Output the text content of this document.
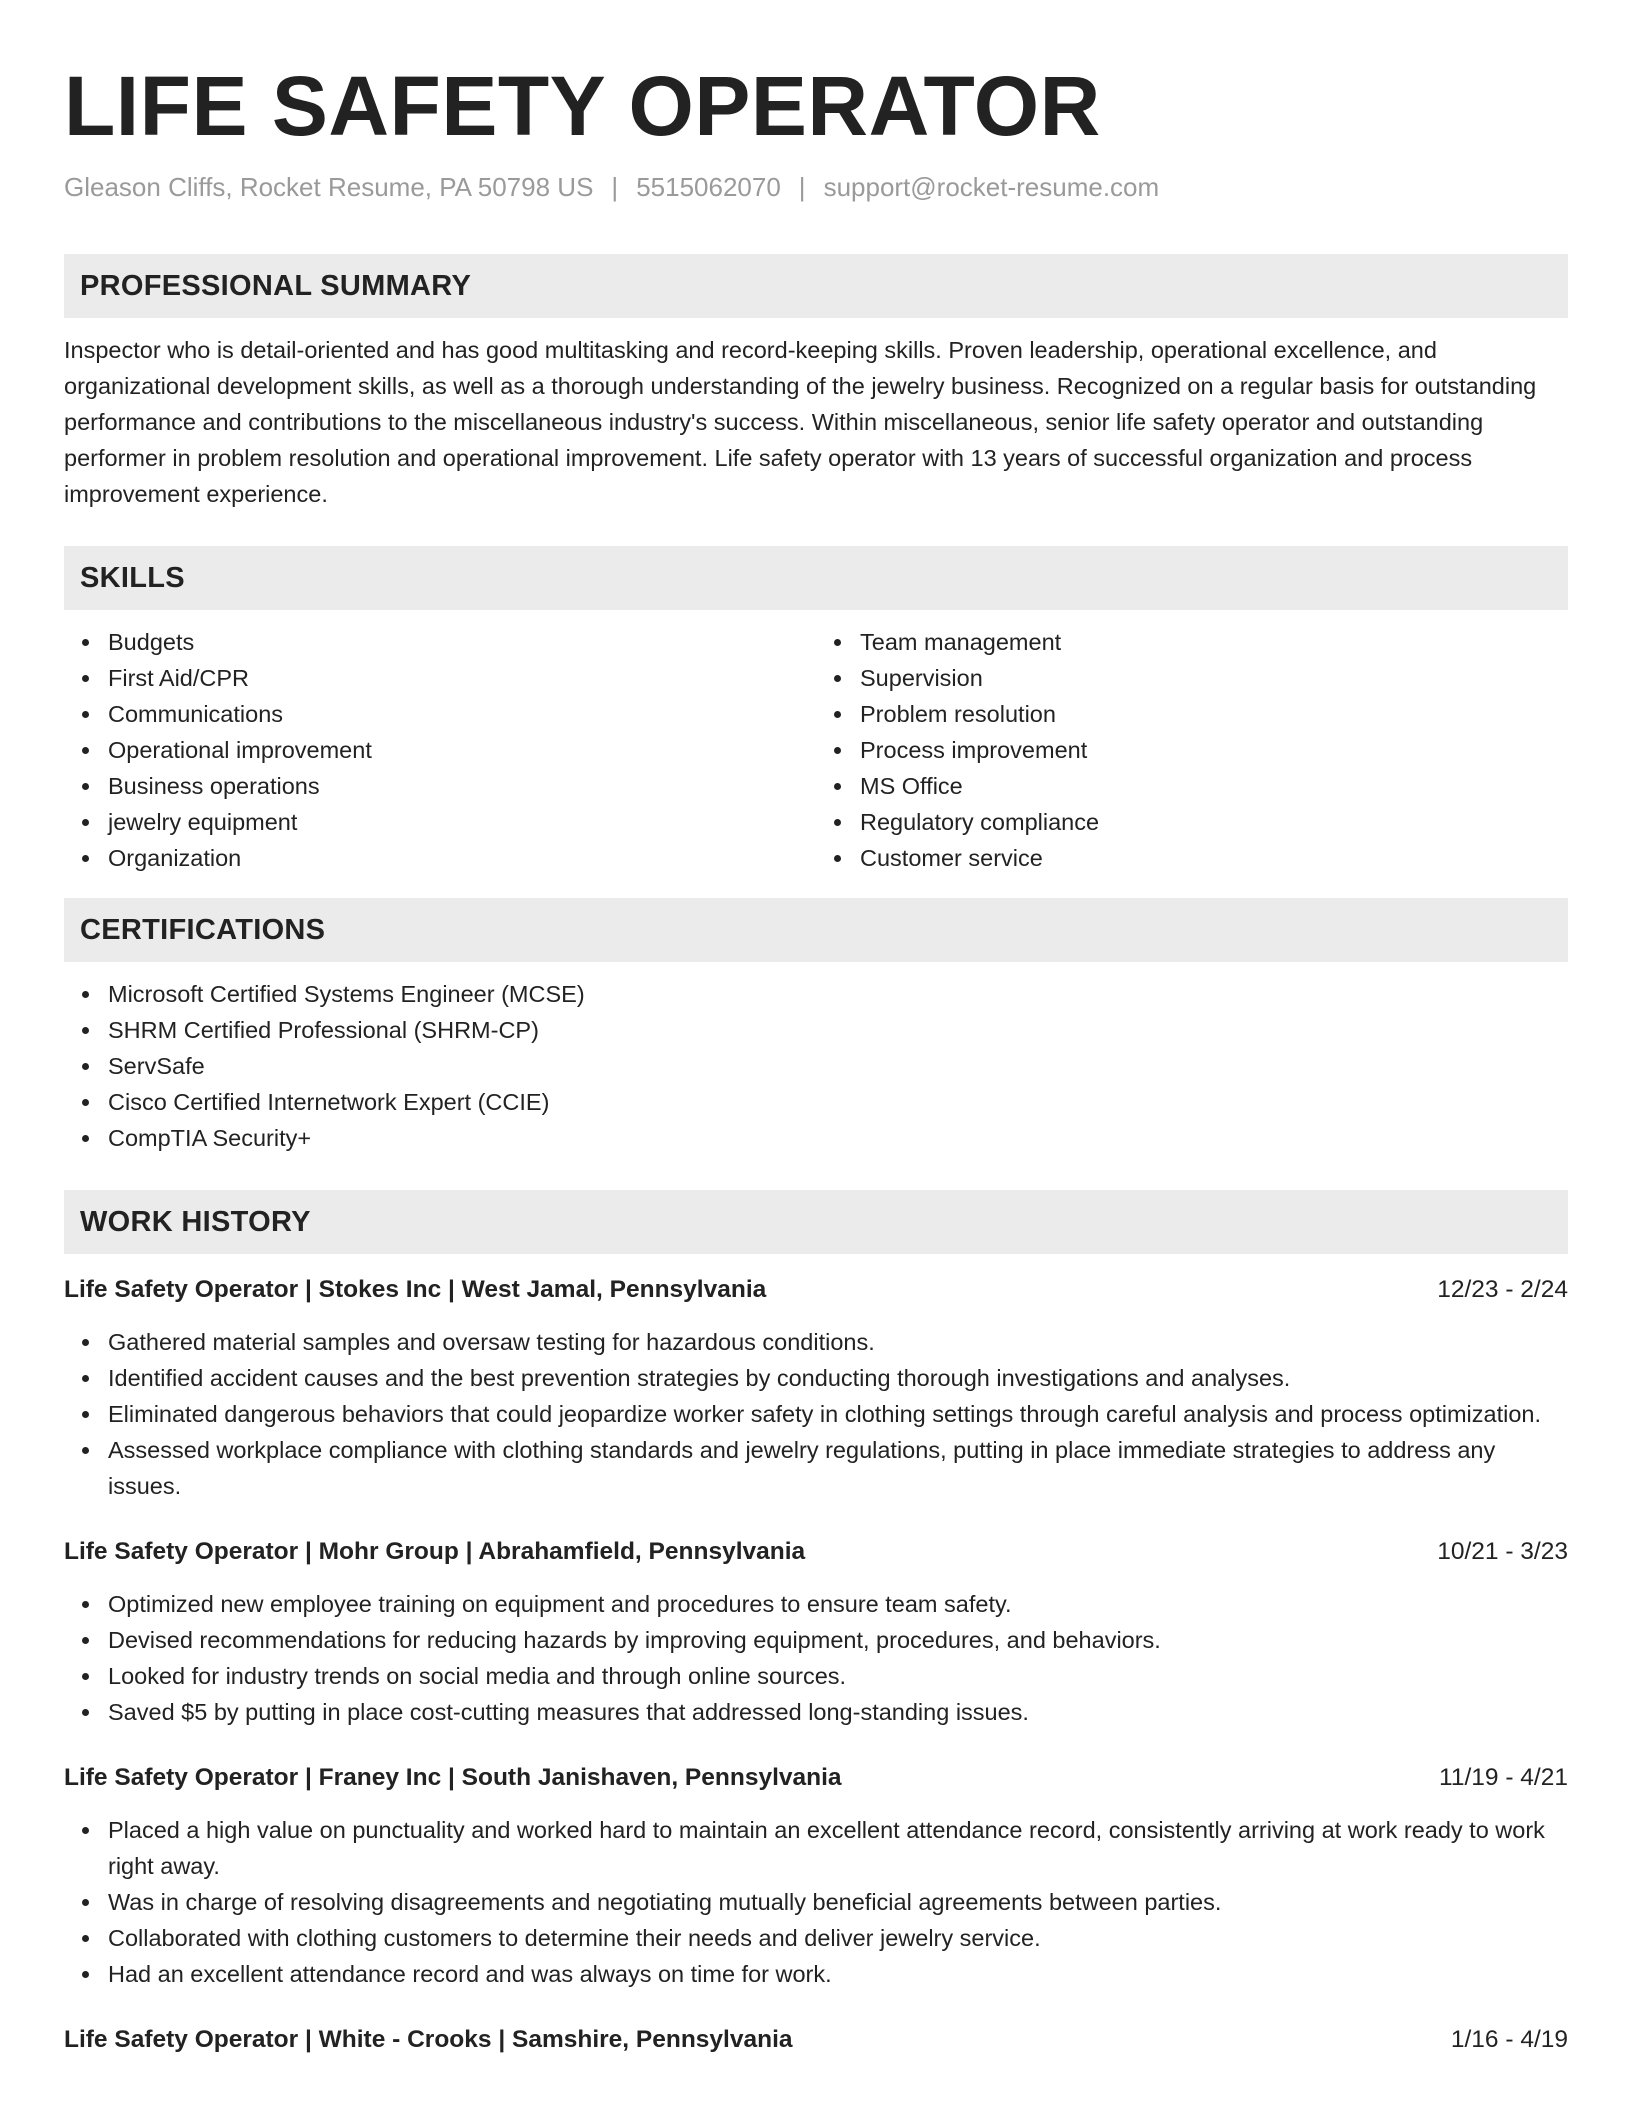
LIFE SAFETY OPERATOR
Gleason Cliffs, Rocket Resume, PA 50798 US | 5515062070 | support@rocket-resume.com
PROFESSIONAL SUMMARY

Inspector who is detail-oriented and has good multitasking and record-keeping skills. Proven leadership, operational excellence, and organizational development skills, as well as a thorough understanding of the jewelry business. Recognized on a regular basis for outstanding performance and contributions to the miscellaneous industry's success. Within miscellaneous, senior life safety operator and outstanding performer in problem resolution and operational improvement. Life safety operator with 13 years of successful organization and process improvement experience.

SKILLS
Budgets
First Aid/CPR
Communications
Operational improvement
Business operations
jewelry equipment
Organization
Team management
Supervision
Problem resolution
Process improvement
MS Office
Regulatory compliance
Customer service
CERTIFICATIONS
Microsoft Certified Systems Engineer (MCSE)
SHRM Certified Professional (SHRM-CP)
ServSafe
Cisco Certified Internetwork Expert (CCIE)
CompTIA Security+
WORK HISTORY
Life Safety Operator | Stokes Inc | West Jamal, Pennsylvania	12/23 - 2/24
Gathered material samples and oversaw testing for hazardous conditions.
Identified accident causes and the best prevention strategies by conducting thorough investigations and analyses.
Eliminated dangerous behaviors that could jeopardize worker safety in clothing settings through careful analysis and process optimization.
Assessed workplace compliance with clothing standards and jewelry regulations, putting in place immediate strategies to address any issues.
Life Safety Operator | Mohr Group | Abrahamfield, Pennsylvania	10/21 - 3/23
Optimized new employee training on equipment and procedures to ensure team safety.
Devised recommendations for reducing hazards by improving equipment, procedures, and behaviors.
Looked for industry trends on social media and through online sources.
Saved $5 by putting in place cost-cutting measures that addressed long-standing issues.
Life Safety Operator | Franey Inc | South Janishaven, Pennsylvania	11/19 - 4/21
Placed a high value on punctuality and worked hard to maintain an excellent attendance record, consistently arriving at work ready to work right away.
Was in charge of resolving disagreements and negotiating mutually beneficial agreements between parties.
Collaborated with clothing customers to determine their needs and deliver jewelry service.
Had an excellent attendance record and was always on time for work.
Life Safety Operator | White - Crooks | Samshire, Pennsylvania	1/16 - 4/19
